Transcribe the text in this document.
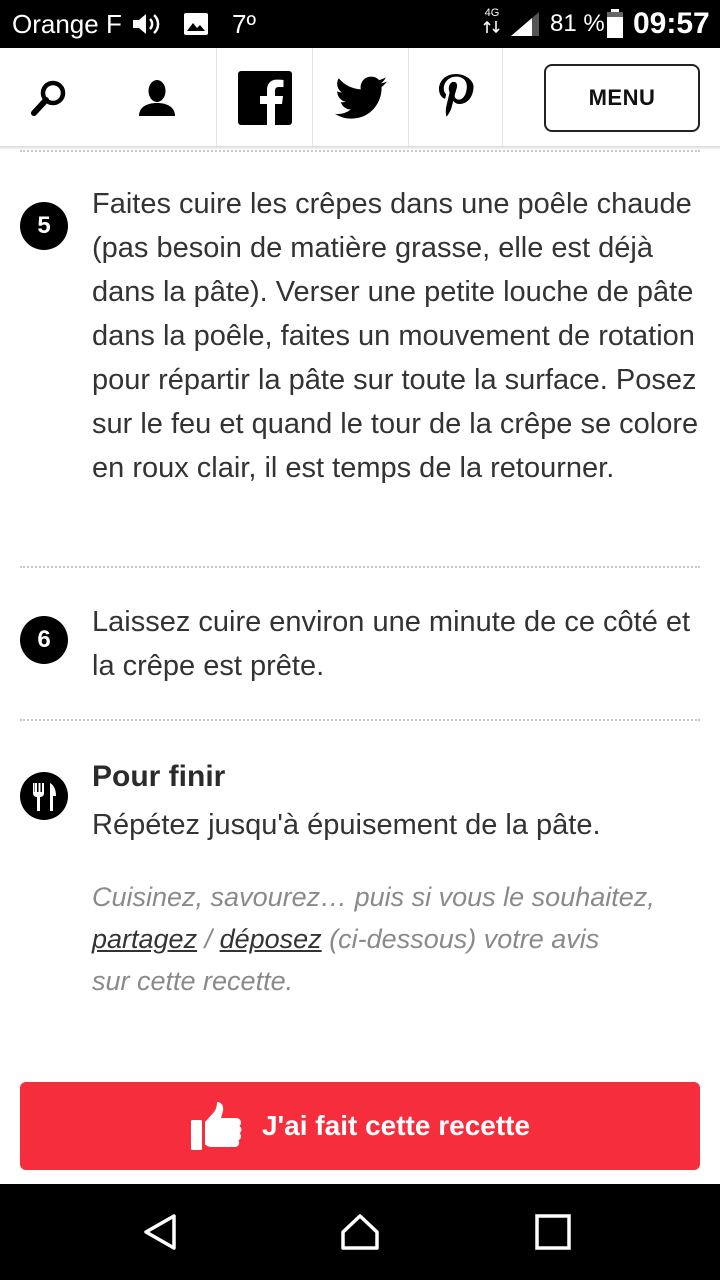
Orange F	7º	4G 81 % 09:57
MENU
5
Faites cuire les crêpes dans une poêle chaude (pas besoin de matière grasse, elle est déjà dans la pâte). Verser une petite louche de pâte dans la poêle, faites un mouvement de rotation pour répartir la pâte sur toute la surface. Posez sur le feu et quand le tour de la crêpe se colore en roux clair, il est temps de la retourner.
6
Laissez cuire environ une minute de ce côté et la crêpe est prête.
Pour finir
Répétez jusqu'à épuisement de la pâte.
Cuisinez, savourez… puis si vous le souhaitez,
partagez / déposez (ci-dessous) votre avis
sur cette recette.
J'ai fait cette recette
